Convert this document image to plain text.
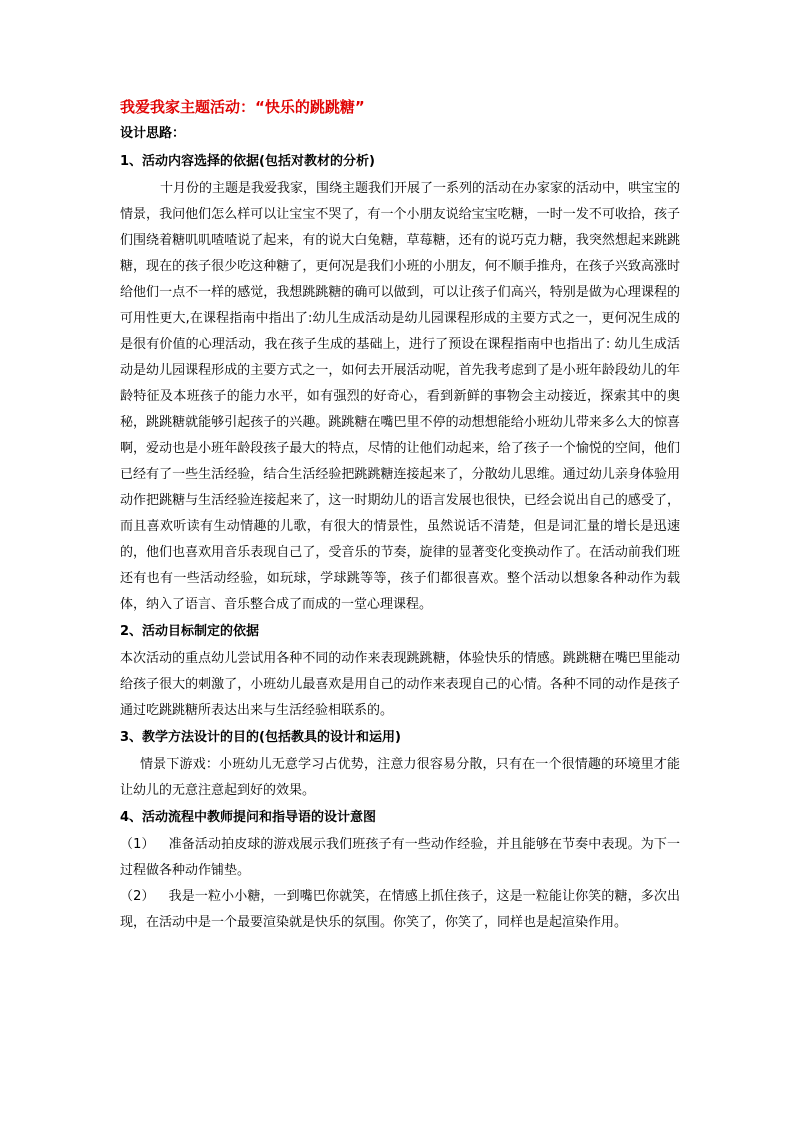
我爱我家主题活动：“快乐的跳跳糖”

设计思路：

1、活动内容选择的依据(包括对教材的分析)

十月份的主题是我爱我家，围绕主题我们开展了一系列的活动在办家家的活动中，哄宝宝的情景，我问他们怎么样可以让宝宝不哭了，有一个小朋友说给宝宝吃糖，一时一发不可收拾，孩子们围绕着糖叽叽喳喳说了起来，有的说大白兔糖，草莓糖，还有的说巧克力糖，我突然想起来跳跳糖，现在的孩子很少吃这种糖了，更何况是我们小班的小朋友，何不顺手推舟，在孩子兴致高涨时给他们一点不一样的感觉，我想跳跳糖的确可以做到，可以让孩子们高兴，特别是做为心理课程的可用性更大,在课程指南中指出了:幼儿生成活动是幼儿园课程形成的主要方式之一，更何况生成的是很有价值的心理活动，我在孩子生成的基础上，进行了预设在课程指南中也指出了: 幼儿生成活动是幼儿园课程形成的主要方式之一，如何去开展活动呢，首先我考虑到了是小班年龄段幼儿的年龄特征及本班孩子的能力水平，如有强烈的好奇心，看到新鲜的事物会主动接近，探索其中的奥秘，跳跳糖就能够引起孩子的兴趣。跳跳糖在嘴巴里不停的动想想能给小班幼儿带来多么大的惊喜啊，爱动也是小班年龄段孩子最大的特点，尽情的让他们动起来，给了孩子一个愉悦的空间，他们已经有了一些生活经验，结合生活经验把跳跳糖连接起来了，分散幼儿思维。通过幼儿亲身体验用动作把跳糖与生活经验连接起来了，这一时期幼儿的语言发展也很快，已经会说出自己的感受了，而且喜欢听读有生动情趣的儿歌，有很大的情景性，虽然说话不清楚，但是词汇量的增长是迅速的，他们也喜欢用音乐表现自己了，受音乐的节奏，旋律的显著变化变换动作了。在活动前我们班还有也有一些活动经验，如玩球，学球跳等等，孩子们都很喜欢。整个活动以想象各种动作为载体，纳入了语言、音乐整合成了而成的一堂心理课程。

2、活动目标制定的依据

本次活动的重点幼儿尝试用各种不同的动作来表现跳跳糖，体验快乐的情感。跳跳糖在嘴巴里能动给孩子很大的刺激了，小班幼儿最喜欢是用自己的动作来表现自己的心情。各种不同的动作是孩子通过吃跳跳糖所表达出来与生活经验相联系的。

3、教学方法设计的目的(包括教具的设计和运用)

情景下游戏：小班幼儿无意学习占优势，注意力很容易分散，只有在一个很情趣的环境里才能让幼儿的无意注意起到好的效果。

4、活动流程中教师提问和指导语的设计意图

（1） 准备活动拍皮球的游戏展示我们班孩子有一些动作经验，并且能够在节奏中表现。为下一过程做各种动作铺垫。

（2） 我是一粒小小糖，一到嘴巴你就笑，在情感上抓住孩子，这是一粒能让你笑的糖，多次出现，在活动中是一个最要渲染就是快乐的氛围。你笑了，你笑了，同样也是起渲染作用。
